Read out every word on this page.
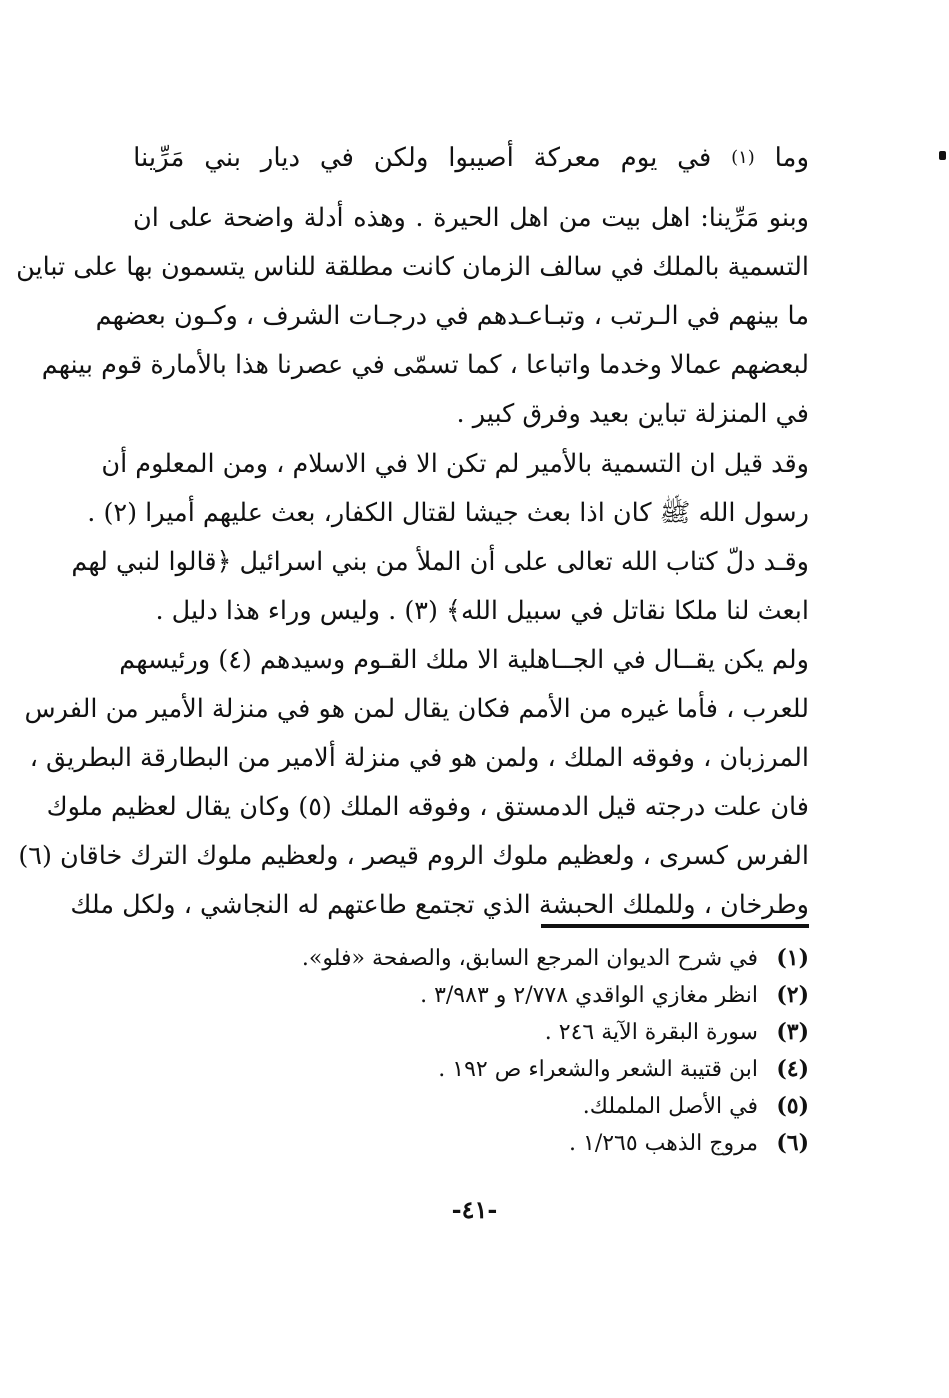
وما
(١)
في
يوم
معركة
أصيبوا
ولكن
في
ديار
بني
مَرِّينا
وبنو مَرِّينا: اهل بيت من اهل الحيرة . وهذه أدلة واضحة على ان
التسمية بالملك في سالف الزمان كانت مطلقة للناس يتسمون بها على تباين
ما بينهم في الـرتب ، وتبـاعـدهم في درجـات الشرف ، وكـون بعضهم
لبعضهم عمالا وخدما واتباعا ، كما تسمّى في عصرنا هذا بالأمارة قوم بينهم
في المنزلة تباين بعيد وفرق كبير .
وقد قيل ان التسمية بالأمير لم تكن الا في الاسلام ، ومن المعلوم أن
رسول الله ﷺ كان اذا بعث جيشا لقتال الكفار، بعث عليهم أميرا (٢) .
وقـد دلّ كتاب الله تعالى على أن الملأ من بني اسرائيل ﴿قالوا لنبي لهم
ابعث لنا ملكا نقاتل في سبيل الله﴾ (٣) . وليس وراء هذا دليل .
ولم يكن يقــال في الجــاهلية الا ملك القـوم وسيدهم (٤) ورئيسهم
للعرب ، فأما غيره من الأمم فكان يقال لمن هو في منزلة الأمير من الفرس
المرزبان ، وفوقه الملك ، ولمن هو في منزلة ألامير من البطارقة البطريق ،
فان علت درجته قيل الدمستق ، وفوقه الملك (٥) وكان يقال لعظيم ملوك
الفرس كسرى ، ولعظيم ملوك الروم قيصر ، ولعظيم ملوك الترك خاقان (٦)
وطرخان ، وللملك الحبشة الذي تجتمع طاعتهم له النجاشي ، ولكل ملك
(١) في شرح الديوان المرجع السابق، والصفحة «فلو».
(٢) انظر مغازي الواقدي ٢/٧٧٨ و ٣/٩٨٣ .
(٣) سورة البقرة الآية ٢٤٦ .
(٤) ابن قتيبة الشعر والشعراء ص ١٩٢ .
(٥) في الأصل الململك.
(٦) مروج الذهب ١/٢٦٥ .
-٤١-
